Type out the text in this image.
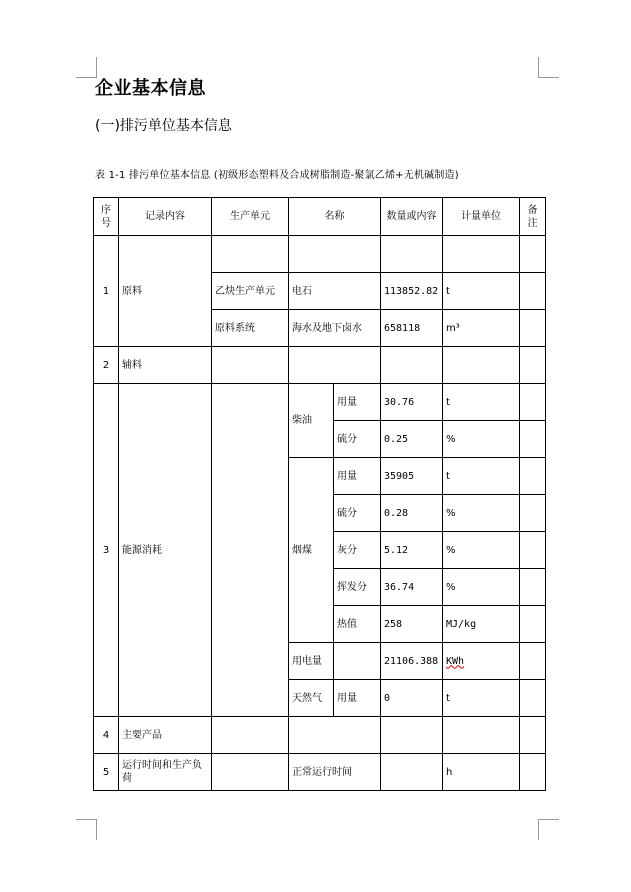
企业基本信息
(一)排污单位基本信息
表 1-1 排污单位基本信息 (初级形态塑料及合成树脂制造-聚氯乙烯+无机碱制造)
序号	记录内容	生产单元	名称		数量或内容	计量单位	备注
1	原料						
		乙炔生产单元	电石		113852.82	t	
		原料系统	海水及地下卤水		658118	m³	
2	辅料						
3	能源消耗		柴油	用量	30.76	t	
				硫分	0.25	%	
			烟煤	用量	35905	t	
				硫分	0.28	%	
				灰分	5.12	%	
				挥发分	36.74	%	
				热值	258	MJ/kg	
			用电量		21106.388	KWh	
			天然气	用量	0	t	
4	主要产品						
5	运行时间和生产负荷		正常运行时间			h	
